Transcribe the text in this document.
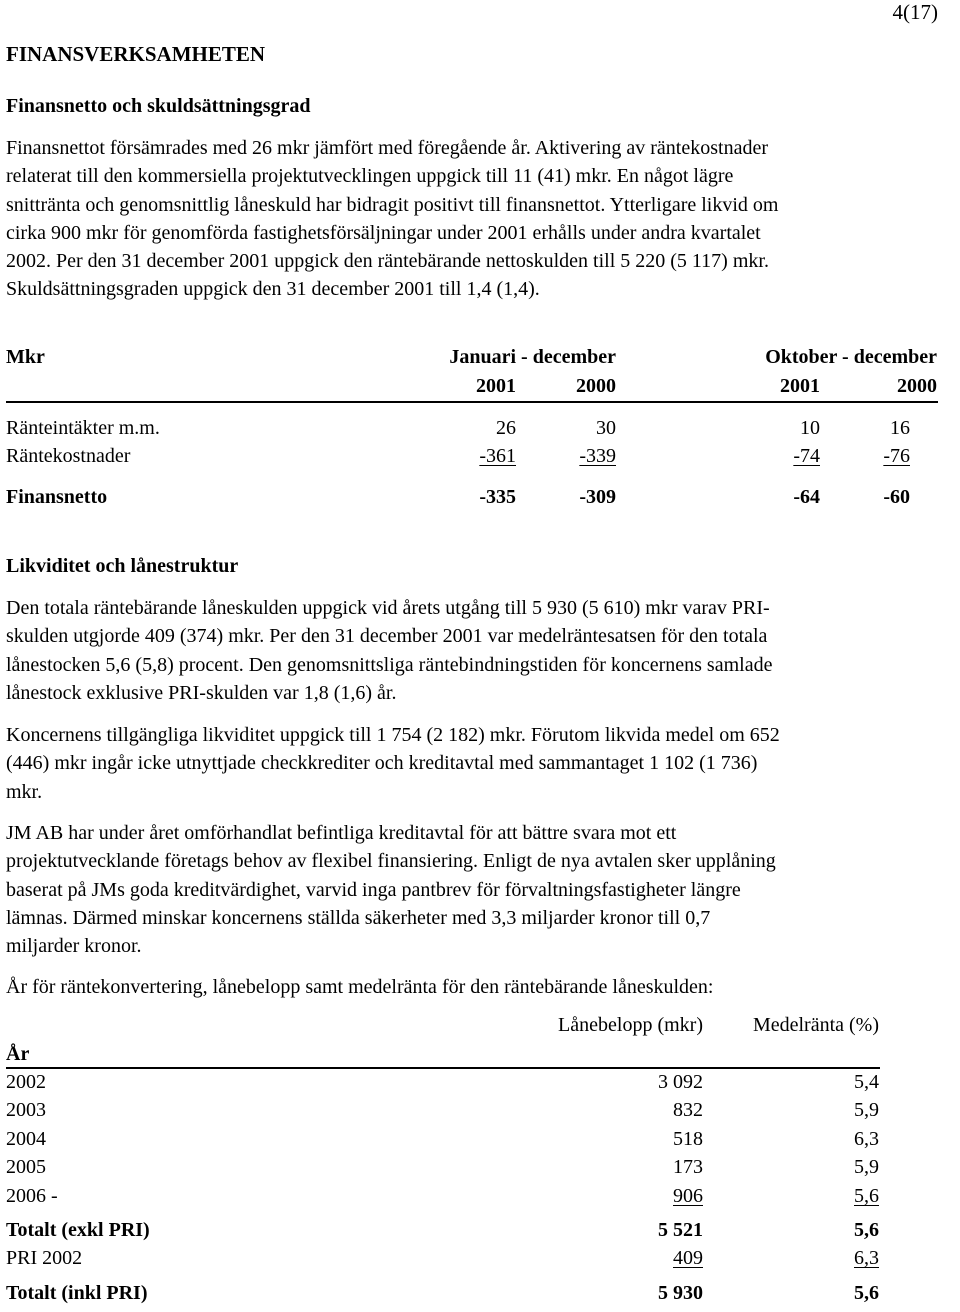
4(17)
FINANSVERKSAMHETEN
Finansnetto och skuldsättningsgrad
Finansnettot försämrades med 26 mkr jämfört med föregående år. Aktivering av räntekostnader
relaterat till den kommersiella projektutvecklingen uppgick till 11 (41) mkr. En något lägre
snittränta och genomsnittlig låneskuld har bidragit positivt till finansnettot. Ytterligare likvid om
cirka 900 mkr för genomförda fastighetsförsäljningar under 2001 erhålls under andra kvartalet
2002. Per den 31 december 2001 uppgick den räntebärande nettoskulden till 5 220 (5 117) mkr.
Skuldsättningsgraden uppgick den 31 december 2001 till 1,4 (1,4).
Mkr	Januari - december	Oktober - december
2001	2000	2001	2000
Ränteintäkter m.m.	26	30	10	16
Räntekostnader	-361	-339	-74	-76
Finansnetto	-335	-309	-64	-60
Likviditet och lånestruktur
Den totala räntebärande låneskulden uppgick vid årets utgång till 5 930 (5 610) mkr varav PRI-
skulden utgjorde 409 (374) mkr. Per den 31 december 2001 var medelräntesatsen för den totala
lånestocken 5,6 (5,8) procent. Den genomsnittsliga räntebindningstiden för koncernens samlade
lånestock exklusive PRI-skulden var 1,8 (1,6) år.
Koncernens tillgängliga likviditet uppgick till 1 754 (2 182) mkr. Förutom likvida medel om 652
(446) mkr ingår icke utnyttjade checkkrediter och kreditavtal med sammantaget 1 102 (1 736)
mkr.
JM AB har under året omförhandlat befintliga kreditavtal för att bättre svara mot ett
projektutvecklande företags behov av flexibel finansiering. Enligt de nya avtalen sker upplåning
baserat på JMs goda kreditvärdighet, varvid inga pantbrev för förvaltningsfastigheter längre
lämnas. Därmed minskar koncernens ställda säkerheter med 3,3 miljarder kronor till 0,7
miljarder kronor.
År för räntekonvertering, lånebelopp samt medelränta för den räntebärande låneskulden:
Lånebelopp (mkr)	Medelränta (%)
År
2002	3 092	5,4
2003	832	5,9
2004	518	6,3
2005	173	5,9
2006 -	906	5,6
Totalt (exkl PRI)	5 521	5,6
PRI 2002	409	6,3
Totalt (inkl PRI)	5 930	5,6
